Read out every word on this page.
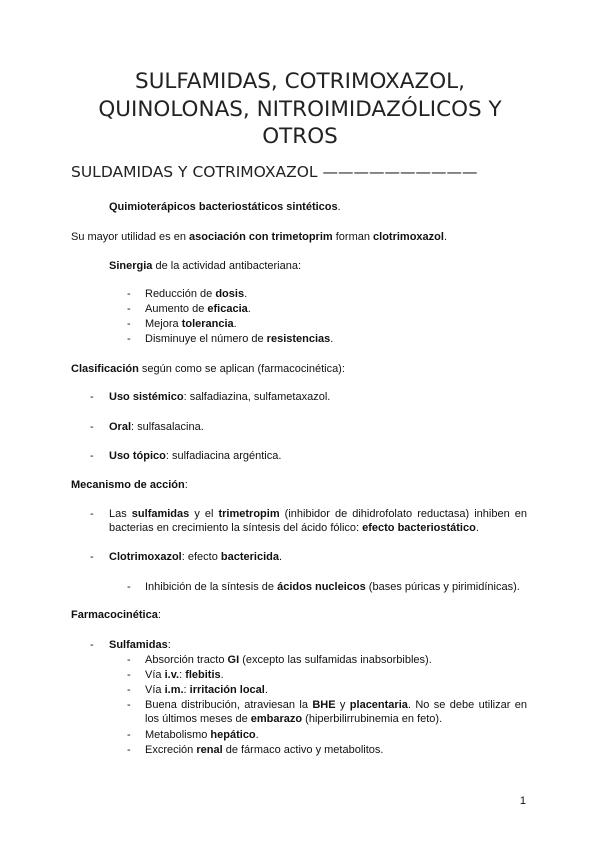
SULFAMIDAS, COTRIMOXAZOL, QUINOLONAS, NITROIMIDAZÓLICOS Y OTROS
SULDAMIDAS Y COTRIMOXAZOL ——————————

Quimioterápicos bacteriostáticos sintéticos.

Su mayor utilidad es en asociación con trimetoprim forman clotrimoxazol.

Sinergia de la actividad antibacteriana:

- Reducción de dosis.

- Aumento de eficacia.

- Mejora tolerancia.

- Disminuye el número de resistencias.

Clasificación según como se aplican (farmacocinética):

- Uso sistémico: salfadiazina, sulfametaxazol.

- Oral: sulfasalacina.

- Uso tópico: sulfadiacina argéntica.

Mecanismo de acción:

- Las sulfamidas y el trimetropim (inhibidor de dihidrofolato reductasa) inhiben en bacterias en crecimiento la síntesis del ácido fólico: efecto bacteriostático.

- Clotrimoxazol: efecto bactericida.

- Inhibición de la síntesis de ácidos nucleicos (bases púricas y pirimidínicas).

Farmacocinética:

- Sulfamidas:

- Absorción tracto GI (excepto las sulfamidas inabsorbibles).

- Vía i.v.: flebitis.

- Vía i.m.: irritación local.

- Buena distribución, atraviesan la BHE y placentaria. No se debe utilizar en los últimos meses de embarazo (hiperbilirrubinemia en feto).

- Metabolismo hepático.

- Excreción renal de fármaco activo y metabolitos.

1
